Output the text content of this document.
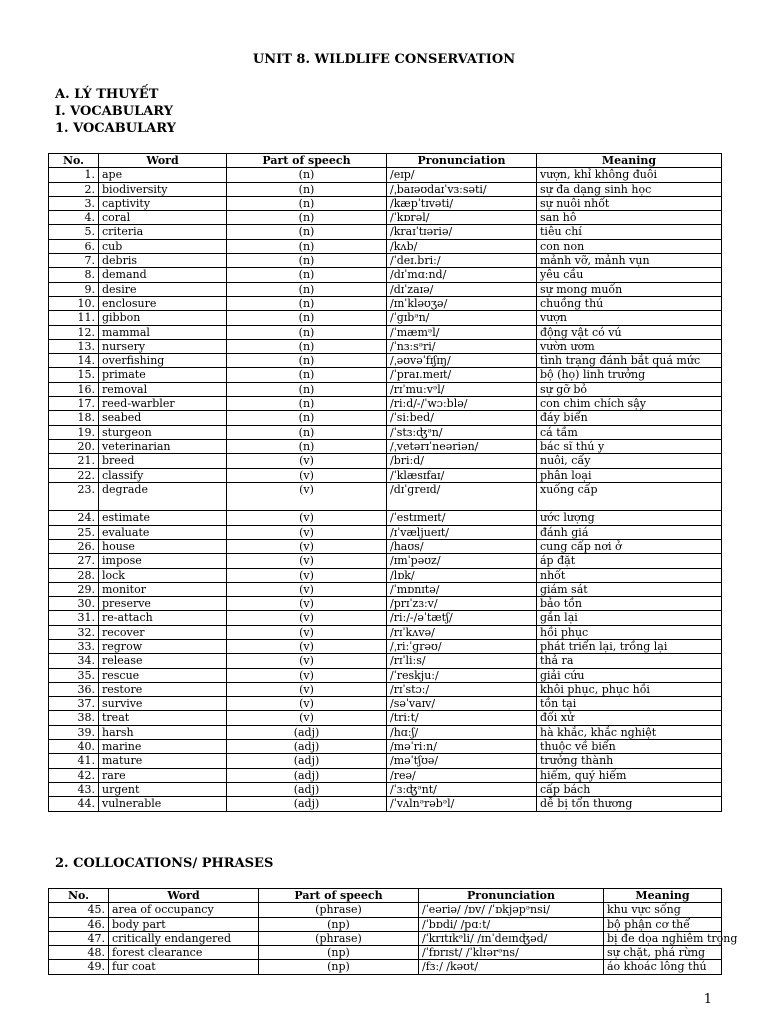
UNIT 8. WILDLIFE CONSERVATION
A. LÝ THUYẾT
I. VOCABULARY
1. VOCABULARY
No.	Word	Part of speech	Pronunciation	Meaning
1.	ape	(n)	/eɪp/	vượn, khỉ không đuôi
2.	biodiversity	(n)	/ˌbaɪəʊdaɪˈvɜːsəti/	sự đa dạng sinh học
3.	captivity	(n)	/kæpˈtɪvəti/	sự nuôi nhốt
4.	coral	(n)	/ˈkɒrəl/	san hô
5.	criteria	(n)	/kraɪˈtɪəriə/	tiêu chí
6.	cub	(n)	/kʌb/	con non
7.	debris	(n)	/ˈdeɪ.briː/	mảnh vỡ, mảnh vụn
8.	demand	(n)	/dɪˈmɑːnd/	yêu cầu
9.	desire	(n)	/dɪˈzaɪə/	sự mong muốn
10.	enclosure	(n)	/ɪnˈkləʊʒə/	chuồng thú
11.	gibbon	(n)	/ˈɡɪbᵊn/	vượn
12.	mammal	(n)	/ˈmæmᵊl/	động vật có vú
13.	nursery	(n)	/ˈnɜːsᵊri/	vườn ươm
14.	overfishing	(n)	/ˌəʊvəˈfɪʃɪŋ/	tình trạng đánh bắt quá mức
15.	primate	(n)	/ˈpraɪ.meɪt/	bộ (họ) linh trưởng
16.	removal	(n)	/rɪˈmuːvᵊl/	sự gỡ bỏ
17.	reed-warbler	(n)	/riːd/-/ˈwɔːblə/	con chim chích sậy
18.	seabed	(n)	/ˈsiːbed/	đáy biển
19.	sturgeon	(n)	/ˈstɜːʤᵊn/	cá tầm
20.	veterinarian	(n)	/ˌvetərɪˈneəriən/	bác sĩ thú y
21.	breed	(v)	/briːd/	nuôi, cấy
22.	classify	(v)	/ˈklæsɪfaɪ/	phân loại
23.	degrade	(v)	/dɪˈɡreɪd/	xuống cấp
24.	estimate	(v)	/ˈestɪmeɪt/	ước lượng
25.	evaluate	(v)	/ɪˈvæljueɪt/	đánh giá
26.	house	(v)	/haʊs/	cung cấp nơi ở
27.	impose	(v)	/ɪmˈpəʊz/	áp đặt
28.	lock	(v)	/lɒk/	nhốt
29.	monitor	(v)	/ˈmɒnɪtə/	giám sát
30.	preserve	(v)	/prɪˈzɜːv/	bảo tồn
31.	re-attach	(v)	/riː/-/əˈtætʃ/	gắn lại
32.	recover	(v)	/rɪˈkʌvə/	hồi phục
33.	regrow	(v)	/ˌriːˈɡrəʊ/	phát triển lại, trồng lại
34.	release	(v)	/rɪˈliːs/	thả ra
35.	rescue	(v)	/ˈreskjuː/	giải cứu
36.	restore	(v)	/rɪˈstɔː/	khôi phục, phục hồi
37.	survive	(v)	/səˈvaɪv/	tồn tại
38.	treat	(v)	/triːt/	đối xử
39.	harsh	(adj)	/hɑːʃ/	hà khắc, khắc nghiệt
40.	marine	(adj)	/məˈriːn/	thuộc về biển
41.	mature	(adj)	/məˈtʃʊə/	trưởng thành
42.	rare	(adj)	/reə/	hiếm, quý hiếm
43.	urgent	(adj)	/ˈɜːʤᵊnt/	cấp bách
44.	vulnerable	(adj)	/ˈvʌlnᵊrəbᵊl/	dễ bị tổn thương
2. COLLOCATIONS/ PHRASES
No.	Word	Part of speech	Pronunciation	Meaning
45.	area of occupancy	(phrase)	/ˈeəriə/ /ɒv/ /ˈɒkjəpᵊnsi/	khu vực sống
46.	body part	(np)	/ˈbɒdi/ /pɑːt/	bộ phận cơ thể
47.	critically endangered	(phrase)	/ˈkrɪtɪkᵊli/ /ɪnˈdeɪnʤəd/	bị đe dọa nghiêm trọng
48.	forest clearance	(np)	/ˈfɒrɪst/ /ˈklɪərᵊns/	sự chặt, phá rừng
49.	fur coat	(np)	/fɜː/ /kəʊt/	áo khoác lông thú
1
